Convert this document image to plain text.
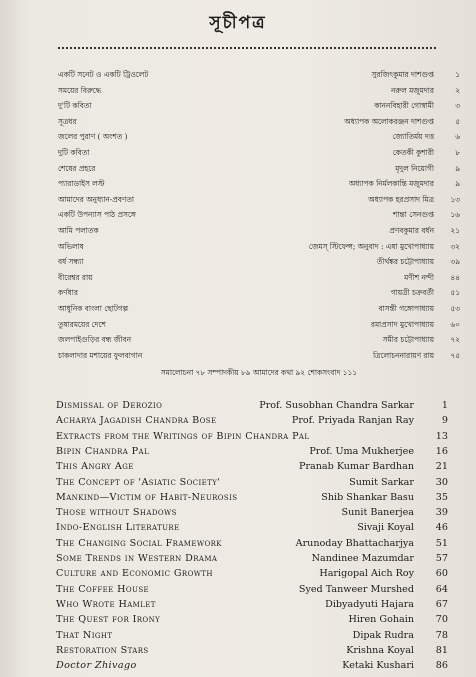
সূচীপত্র
একটি সনেট ও একটি ট্রিওলেট	সুরজিৎকুমার দাশগুপ্ত	১
সময়ের বিরুদ্ধে	নরুল মজুমদার	২
দু'টি কবিতা	কাননবিহারী গোস্বামী	৩
সূত্রধর	অধ্যাপক অলোকরঞ্জন দাশগুপ্ত	৫
জলের পুরাণ ( অংশত )	জ্যোতির্ময় দত্ত	৬
দুটি কবিতা	কেতকী কুশারী	৮
শেষের প্রহরে	মৃদুল নিয়োগী	৯
প্যারাডাইস লস্ট	অধ্যাপক নির্মলকান্তি মজুমদার	৯
আমাদের অনুধ্যান-প্রবণতা	অধ্যাপক হরপ্রসাদ মিত্র	১৩
একটি উপন্যাস পাঠ প্রসঙ্গে	শান্তা সেনগুপ্ত	১৬
আমি পলাতক	প্রণবকুমার বর্ধন	২১
অভিলাষ	জেমস্ স্টিফেন্স; অনুবাদ : এষা মুখোপাধ্যায়	৩২
বর্ষ সন্ধ্যা	তীর্থঙ্কর চট্টোপাধ্যায়	৩৯
বীরেশ্বর রায়	মণীশ নন্দী	৪৪
কর্ণধার	গায়ত্রী চক্রবর্তী	৫১
আধুনিক বাংলা ছোটগল্প	বাসন্তী গঙ্গোপাধ্যায়	৫৩
তুষারময়ের দেশে	রমাপ্রসাদ মুখোপাধ্যায়	৬০
জলপাইগুড়ির বন্ধ জীবন	সমীর চট্টোপাধ্যায়	৭২
চাকলাদার মশায়ের ফুলবাগান	ত্রিলোচননারায়ণ রায়	৭৫
সমালোচনা ৭৮ সম্পাদকীয় ৮৯ আমাদের কথা ৯২ শোকসংবাদ ১১১
Dismissal of Derozio	Prof. Susobhan Chandra Sarkar	1
Acharya Jagadish Chandra Bose	Prof. Priyada Ranjan Ray	9
Extracts from the Writings of Bipin Chandra Pal	13
Bipin Chandra Pal	Prof. Uma Mukherjee	16
This Angry Age	Pranab Kumar Bardhan	21
The Concept of 'Asiatic Society'	Sumit Sarkar	30
Mankind—Victim of Habit-Neurosis	Shib Shankar Basu	35
Those without Shadows	Sunit Banerjea	39
Indo-English Literature	Sivaji Koyal	46
The Changing Social Framework	Arunoday Bhattacharjya	51
Some Trends in Western Drama	Nandinee Mazumdar	57
Culture and Economic Growth	Harigopal Aich Roy	60
The Coffee House	Syed Tanweer Murshed	64
Who Wrote Hamlet	Dibyadyuti Hajara	67
The Quest for Irony	Hiren Gohain	70
That Night	Dipak Rudra	78
Restoration Stars	Krishna Koyal	81
Doctor Zhivago	Ketaki Kushari	86
